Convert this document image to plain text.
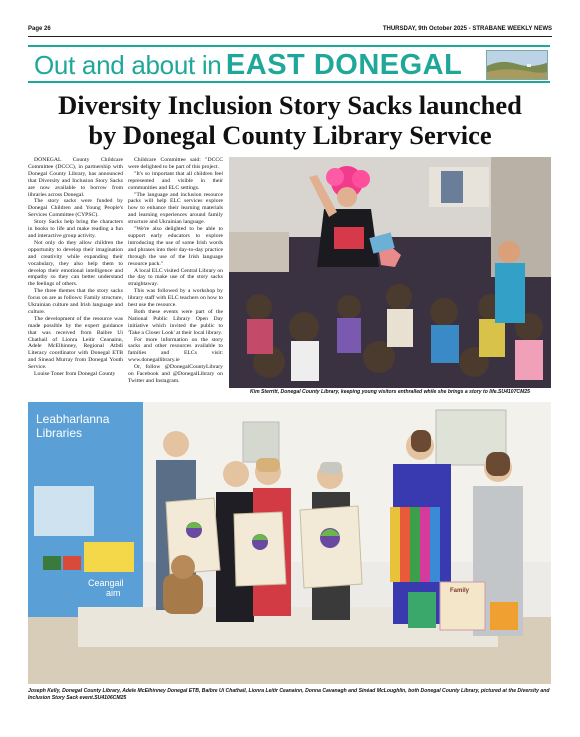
Page 26	THURSDAY, 9th October 2025 - STRABANE WEEKLY NEWS
Out and about in EAST DONEGAL
Diversity Inclusion Story Sacks launched
by Donegal County Library Service

DONEGAL County Childcare Committee (DCCC), in partnership with Donegal County Library, has announced that Diversity and Inclusion Story Sacks are now available to borrow from libraries across Donegal.

The story sacks were funded by Donegal Children and Young People's Services Committee (CYPSC).

Story Sacks help bring the characters in books to life and make reading a fun and interactive group activity.

Not only do they allow children the opportunity to develop their imagination and creativity while expanding their vocabulary, they also help them to develop their emotional intelligence and empathy so they can better understand the feelings of others.

The three themes that the story sacks focus on are as follows: Family structure, Ukrainian culture and Irish language and culture.

The development of the resource was made possible by the expert guidance that was received from Baibre Ui Chathail of Lionra Leitir Ceanainn, Adele McElhinney, Regional Atbdi Literacy coordinator with Donegal ETB and Sinead Murray from Donegal Youth Service.

Louise Toner from Donegal County

Childcare Committee said: "DCCC were delighted to be part of this project.

"It's so important that all children feel represented and visible in their communities and ELC settings.

"The language and inclusion resource packs will help ELC services explore how to enhance their learning materials and learning experiences around family structure and Ukrainian language.

"We're also delighted to be able to support early educators to explore introducing the use of some Irish words and phrases into their day-to-day practice through the use of the Irish language resource pack."

A local ELC visited Central Library on the day to make use of the story sacks straightaway.

This was followed by a workshop by library staff with ELC teachers on how to best use the resource.

Both these events were part of the National Public Library Open Day initiative which invited the public to 'Take a Closer Look' at their local library.

For more information on the story sacks and other resources available to families and ELCs visit: www.donegallibrary.ie

Or, follow @DonegalCountyLibrary on Facebook and @DonegalLibrary on Twitter and Instagram.

Kim Sterritt, Donegal County Library, keeping young visitors enthralled while she brings a story to life.SU4107CM25
Leabharlanna
Libraries
Ceangail
aim	Family
Joseph Kelly, Donegal County Library, Adele McElhinney Donegal ETB, Baibre Ui Chathail, Lionra Leitir Ceanainn, Donna Cavanagh and Sinéad McLoughlin, both Donegal County Library, pictured at the Diversity and Inclusion Story Sack event.SU4106CM25
